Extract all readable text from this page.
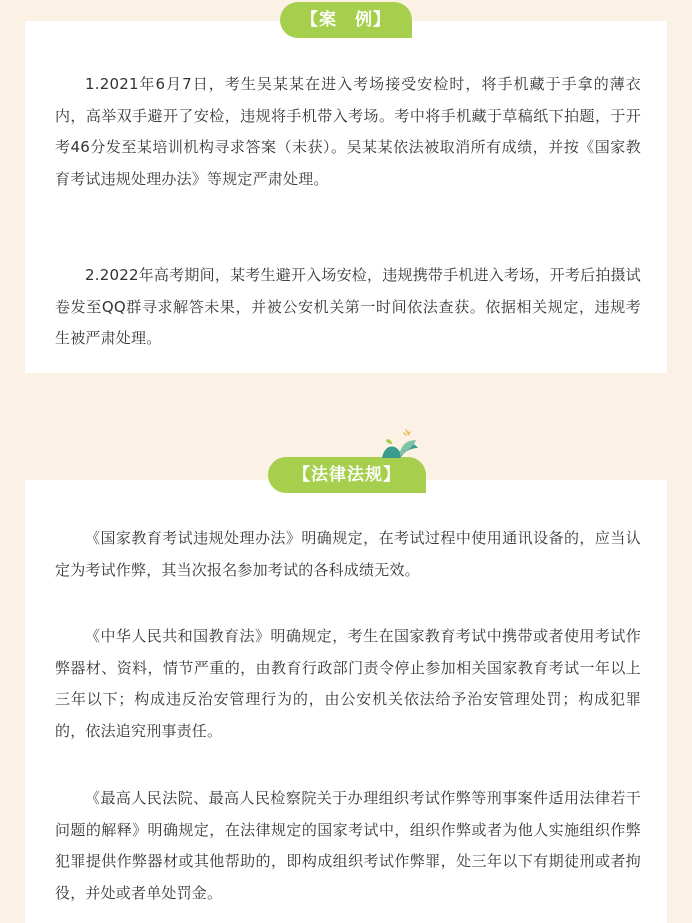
【案　例】

1.2021年6月7日，考生吴某某在进入考场接受安检时，将手机藏于手拿的薄衣内，高举双手避开了安检，违规将手机带入考场。考中将手机藏于草稿纸下拍题，于开考46分发至某培训机构寻求答案（未获）。吴某某依法被取消所有成绩，并按《国家教育考试违规处理办法》等规定严肃处理。

2.2022年高考期间，某考生避开入场安检，违规携带手机进入考场，开考后拍摄试卷发至QQ群寻求解答未果，并被公安机关第一时间依法查获。依据相关规定，违规考生被严肃处理。

【法律法规】

《国家教育考试违规处理办法》明确规定，在考试过程中使用通讯设备的，应当认定为考试作弊，其当次报名参加考试的各科成绩无效。

《中华人民共和国教育法》明确规定，考生在国家教育考试中携带或者使用考试作弊器材、资料，情节严重的，由教育行政部门责令停止参加相关国家教育考试一年以上三年以下；构成违反治安管理行为的，由公安机关依法给予治安管理处罚；构成犯罪的，依法追究刑事责任。

《最高人民法院、最高人民检察院关于办理组织考试作弊等刑事案件适用法律若干问题的解释》明确规定，在法律规定的国家考试中，组织作弊或者为他人实施组织作弊犯罪提供作弊器材或其他帮助的，即构成组织考试作弊罪，处三年以下有期徒刑或者拘役，并处或者单处罚金。
